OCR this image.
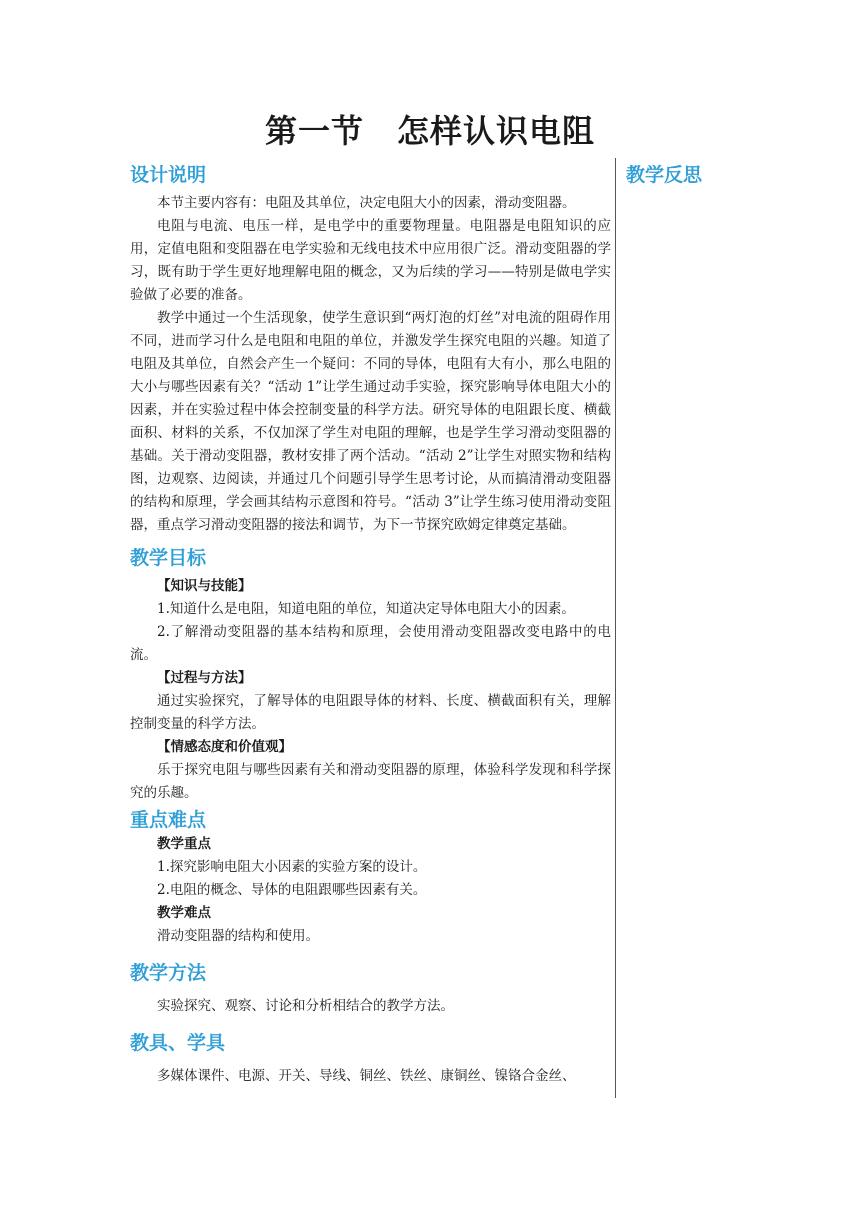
第一节　怎样认识电阻
教学反思
设计说明

本节主要内容有：电阻及其单位，决定电阻大小的因素，滑动变阻器。

电阻与电流、电压一样，是电学中的重要物理量。电阻器是电阻知识的应用，定值电阻和变阻器在电学实验和无线电技术中应用很广泛。滑动变阻器的学习，既有助于学生更好地理解电阻的概念，又为后续的学习——特别是做电学实验做了必要的准备。

教学中通过一个生活现象，使学生意识到“两灯泡的灯丝”对电流的阻碍作用不同，进而学习什么是电阻和电阻的单位，并激发学生探究电阻的兴趣。知道了电阻及其单位，自然会产生一个疑问：不同的导体，电阻有大有小，那么电阻的大小与哪些因素有关？“活动 1”让学生通过动手实验，探究影响导体电阻大小的因素，并在实验过程中体会控制变量的科学方法。研究导体的电阻跟长度、横截面积、材料的关系，不仅加深了学生对电阻的理解，也是学生学习滑动变阻器的基础。关于滑动变阻器，教材安排了两个活动。“活动 2”让学生对照实物和结构图，边观察、边阅读，并通过几个问题引导学生思考讨论，从而搞清滑动变阻器的结构和原理，学会画其结构示意图和符号。“活动 3”让学生练习使用滑动变阻器，重点学习滑动变阻器的接法和调节，为下一节探究欧姆定律奠定基础。

教学目标
【知识与技能】

1.知道什么是电阻，知道电阻的单位，知道决定导体电阻大小的因素。

2.了解滑动变阻器的基本结构和原理，会使用滑动变阻器改变电路中的电流。

【过程与方法】

通过实验探究，了解导体的电阻跟导体的材料、长度、横截面积有关，理解控制变量的科学方法。

【情感态度和价值观】

乐于探究电阻与哪些因素有关和滑动变阻器的原理，体验科学发现和科学探究的乐趣。

重点难点
教学重点

1.探究影响电阻大小因素的实验方案的设计。

2.电阻的概念、导体的电阻跟哪些因素有关。

教学难点

滑动变阻器的结构和使用。

教学方法

实验探究、观察、讨论和分析相结合的教学方法。

教具、学具

多媒体课件、电源、开关、导线、铜丝、铁丝、康铜丝、镍铬合金丝、
